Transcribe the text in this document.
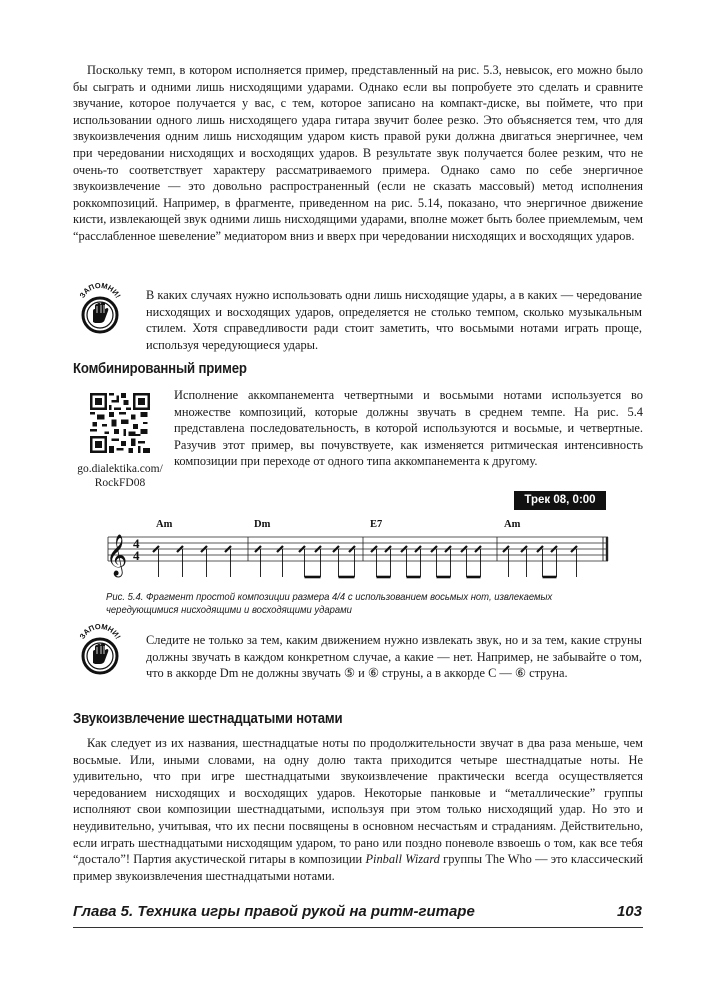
Поскольку темп, в котором исполняется пример, представленный на рис. 5.3, невысок, его можно было бы сыграть и одними лишь нисходящими ударами. Однако если вы попробуете это сделать и сравните звучание, которое получается у вас, с тем, которое записано на компакт-диске, вы поймете, что при использовании одного лишь нисходящего удара гитара звучит более резко. Это объясняется тем, что для звукоизвлечения одним лишь нисходящим ударом кисть правой руки должна двигаться энергичнее, чем при чередовании нисходящих и восходящих ударов. В результате звук получается более резким, что не очень-то соответствует характеру рассматриваемого примера. Однако само по себе энергичное звукоизвлечение — это довольно распространенный (если не сказать массовый) метод исполнения роккомпозиций. Например, в фрагменте, приведенном на рис. 5.14, показано, что энергичное движение кисти, извлекающей звук одними лишь нисходящими ударами, вполне может быть более приемлемым, чем “расслабленное шевеление” медиатором вниз и вверх при чередовании нисходящих и восходящих ударов.

ЗАПОМНИ! В каких случаях нужно использовать одни лишь нисходящие удары, а в каких — чередование нисходящих и восходящих ударов, определяется не столько темпом, сколько музыкальным стилем. Хотя справедливости ради стоит заметить, что восьмыми нотами играть проще, используя чередующиеся удары.

Комбинированный пример
go.dialektika.com/
RockFD08

Исполнение аккомпанемента четвертными и восьмыми нотами используется во множестве композиций, которые должны звучать в среднем темпе. На рис. 5.4 представлена последовательность, в которой используются и восьмые, и четвертные. Разучив этот пример, вы почувствуете, как изменяется ритмическая интенсивность композиции при переходе от одного типа аккомпанемента к другому.

Трек 08, 0:00
Am	Dm	E7	Am
𝄞 4
4

Рис. 5.4. Фрагмент простой композиции размера 4/4 с использованием восьмых нот, извлекаемых чередующимися нисходящими и восходящими ударами

ЗАПОМНИ! Следите не только за тем, каким движением нужно извлекать звук, но и за тем, какие струны должны звучать в каждом конкретном случае, а какие — нет. Например, не забывайте о том, что в аккорде Dm не должны звучать ⑤ и ⑥ струны, а в аккорде С — ⑥ струна.

Звукоизвлечение шестнадцатыми нотами

Как следует из их названия, шестнадцатые ноты по продолжительности звучат в два раза меньше, чем восьмые. Или, иными словами, на одну долю такта приходится четыре шестнадцатые ноты. Не удивительно, что при игре шестнадцатыми звукоизвлечение практически всегда осуществляется чередованием нисходящих и восходящих ударов. Некоторые панковые и “металлические” группы исполняют свои композиции шестнадцатыми, используя при этом только нисходящий удар. Но это и неудивительно, учитывая, что их песни посвящены в основном несчастьям и страданиям. Действительно, если играть шестнадцатыми нисходящим ударом, то рано или поздно поневоле взвоешь о том, как все тебя “достало”! Партия акустической гитары в композиции Pinball Wizard группы The Who — это классический пример звукоизвлечения шестнадцатыми нотами.

Глава 5. Техника игры правой рукой на ритм-гитаре	103
